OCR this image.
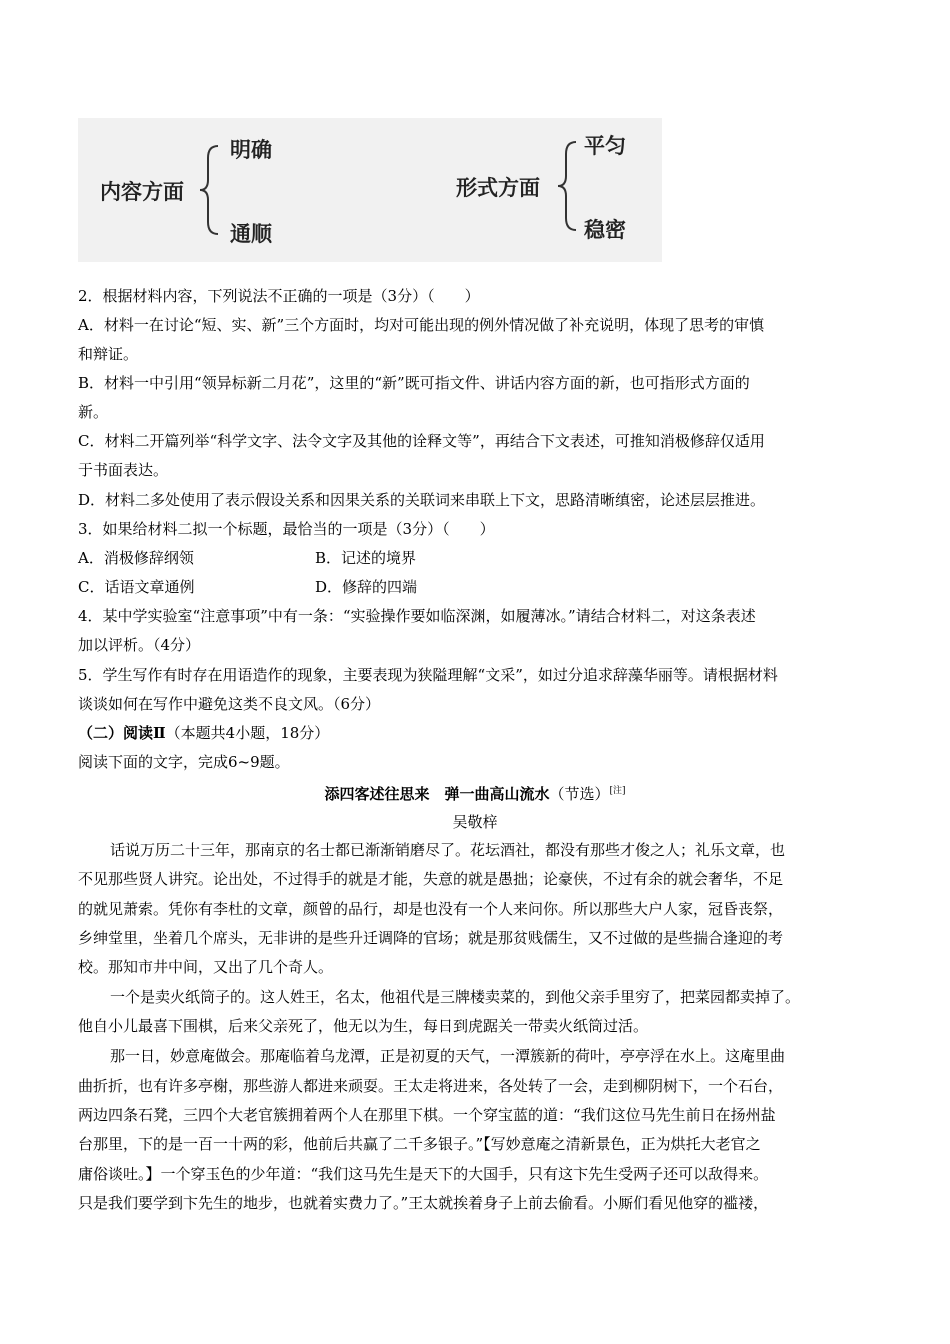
内容方面
明确
通顺
形式方面
平匀
稳密
2．根据材料内容，下列说法不正确的一项是（3分）（　　）
A．材料一在讨论“短、实、新”三个方面时，均对可能出现的例外情况做了补充说明，体现了思考的审慎
和辩证。
B．材料一中引用“领异标新二月花”，这里的“新”既可指文件、讲话内容方面的新，也可指形式方面的
新。
C．材料二开篇列举“科学文字、法令文字及其他的诠释文等”，再结合下文表述，可推知消极修辞仅适用
于书面表达。
D．材料二多处使用了表示假设关系和因果关系的关联词来串联上下文，思路清晰缜密，论述层层推进。
3．如果给材料二拟一个标题，最恰当的一项是（3分）（　　）
A．消极修辞纲领	B．记述的境界
C．话语文章通例	D．修辞的四端
4．某中学实验室“注意事项”中有一条：“实验操作要如临深渊，如履薄冰。”请结合材料二，对这条表述
加以评析。（4分）
5．学生写作有时存在用语造作的现象，主要表现为狭隘理解“文采”，如过分追求辞藻华丽等。请根据材料
谈谈如何在写作中避免这类不良文风。（6分）
（二）阅读Ⅱ（本题共4小题，18分）
阅读下面的文字，完成6~9题。
添四客述往思来　弹一曲高山流水（节选）[注]
吴敬梓
话说万历二十三年，那南京的名士都已渐渐销磨尽了。花坛酒社，都没有那些才俊之人；礼乐文章，也
不见那些贤人讲究。论出处，不过得手的就是才能，失意的就是愚拙；论豪侠，不过有余的就会奢华，不足
的就见萧索。凭你有李杜的文章，颜曾的品行，却是也没有一个人来问你。所以那些大户人家，冠昏丧祭，
乡绅堂里，坐着几个席头，无非讲的是些升迁调降的官场；就是那贫贱儒生，又不过做的是些揣合逢迎的考
校。那知市井中间，又出了几个奇人。
一个是卖火纸筒子的。这人姓王，名太，他祖代是三牌楼卖菜的，到他父亲手里穷了，把菜园都卖掉了。
他自小儿最喜下围棋，后来父亲死了，他无以为生，每日到虎踞关一带卖火纸筒过活。
那一日，妙意庵做会。那庵临着乌龙潭，正是初夏的天气，一潭簇新的荷叶，亭亭浮在水上。这庵里曲
曲折折，也有许多亭榭，那些游人都进来顽耍。王太走将进来，各处转了一会，走到柳阴树下，一个石台，
两边四条石凳，三四个大老官簇拥着两个人在那里下棋。一个穿宝蓝的道：“我们这位马先生前日在扬州盐
台那里，下的是一百一十两的彩，他前后共赢了二千多银子。”【写妙意庵之清新景色，正为烘托大老官之
庸俗谈吐。】一个穿玉色的少年道：“我们这马先生是天下的大国手，只有这卞先生受两子还可以敌得来。
只是我们要学到卞先生的地步，也就着实费力了。”王太就挨着身子上前去偷看。小厮们看见他穿的褴褛，
